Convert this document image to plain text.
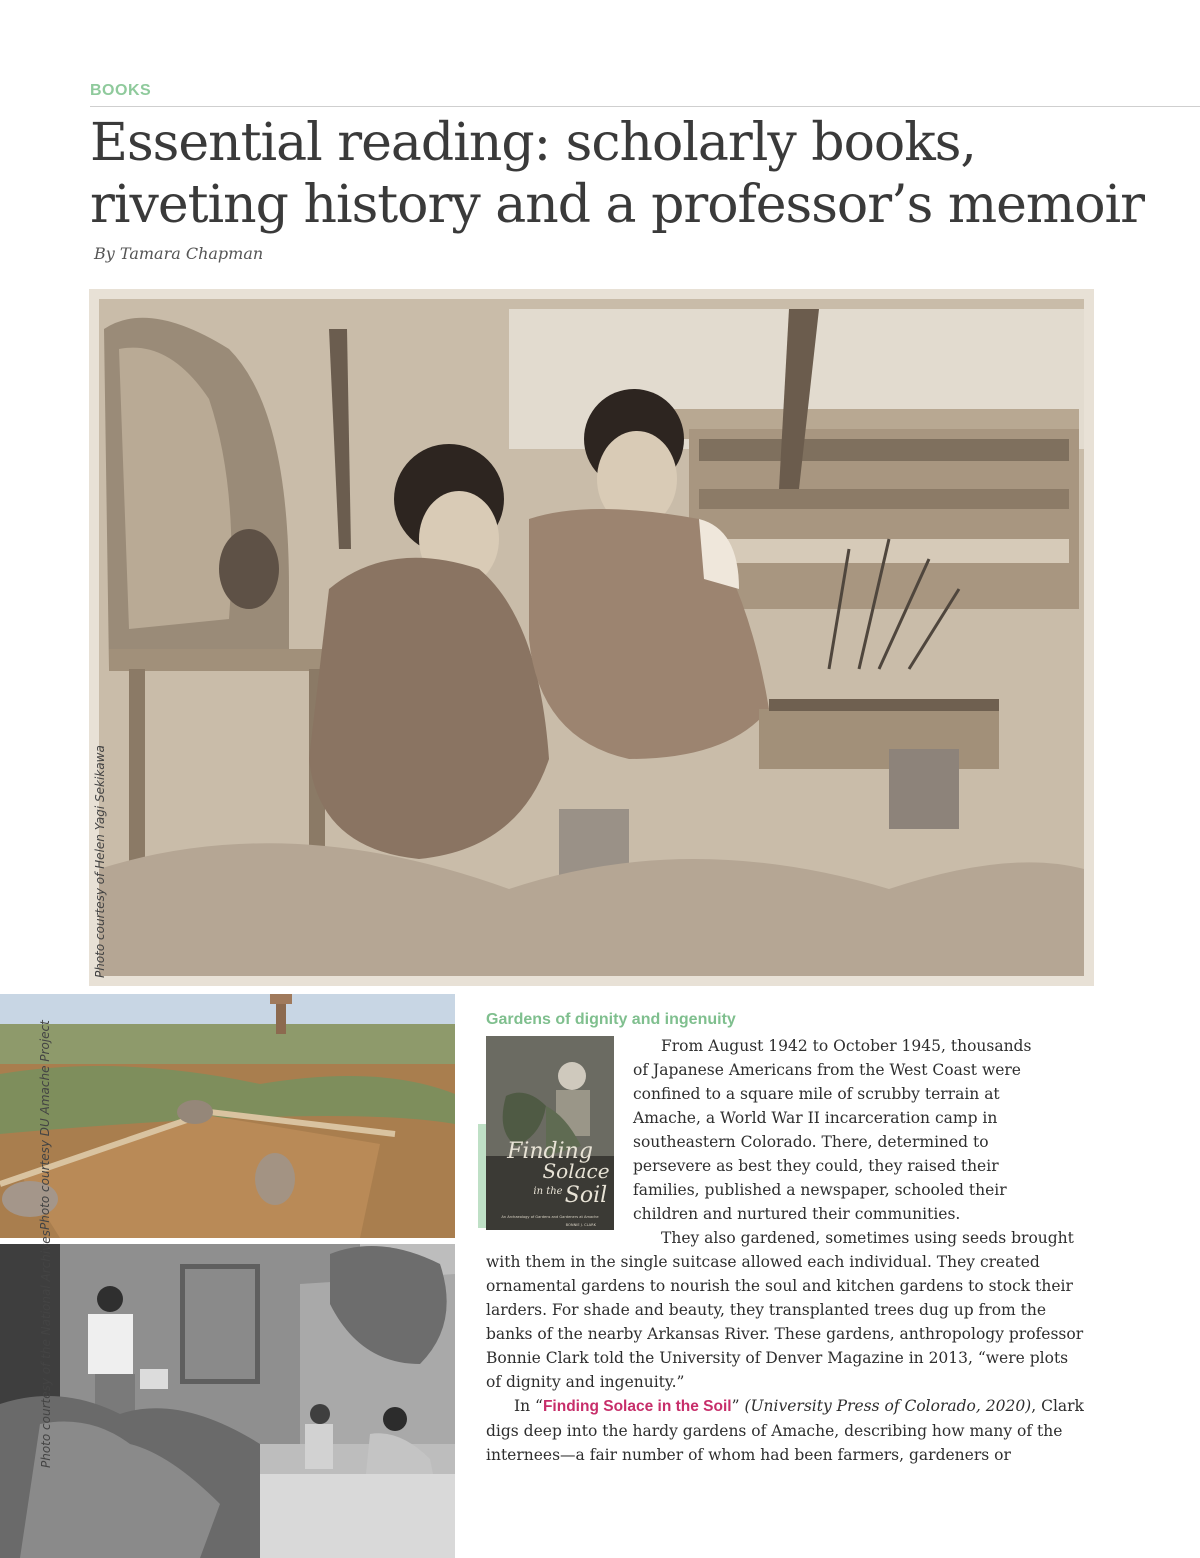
BOOKS
Essential reading: scholarly books,
riveting history and a professor’s memoir
By Tamara Chapman
Photo courtesy of Helen Yagi Sekikawa
Photo courtesy DU Amache Project
Photo courtesy of the National Archives
Gardens of dignity and ingenuity
Finding
Solace
in the Soil
An Archaeology of Gardens and Gardeners at Amache
BONNIE J. CLARK
From August 1942 to October 1945, thousands
of Japanese Americans from the West Coast were
confined to a square mile of scrubby terrain at
Amache, a World War II incarceration camp in
southeastern Colorado. There, determined to
persevere as best they could, they raised their
families, published a newspaper, schooled their
children and nurtured their communities.
They also gardened, sometimes using seeds brought

with them in the single suitcase allowed each individual. They created ornamental gardens to nourish the soul and kitchen gardens to stock their larders. For shade and beauty, they transplanted trees dug up from the banks of the nearby Arkansas River. These gardens, anthropology professor Bonnie Clark told the University of Denver Magazine in 2013, “were plots of dignity and ingenuity.”

In “Finding Solace in the Soil” (University Press of Colorado, 2020), Clark digs deep into the hardy gardens of Amache, describing how many of the internees—a fair number of whom had been farmers, gardeners or
